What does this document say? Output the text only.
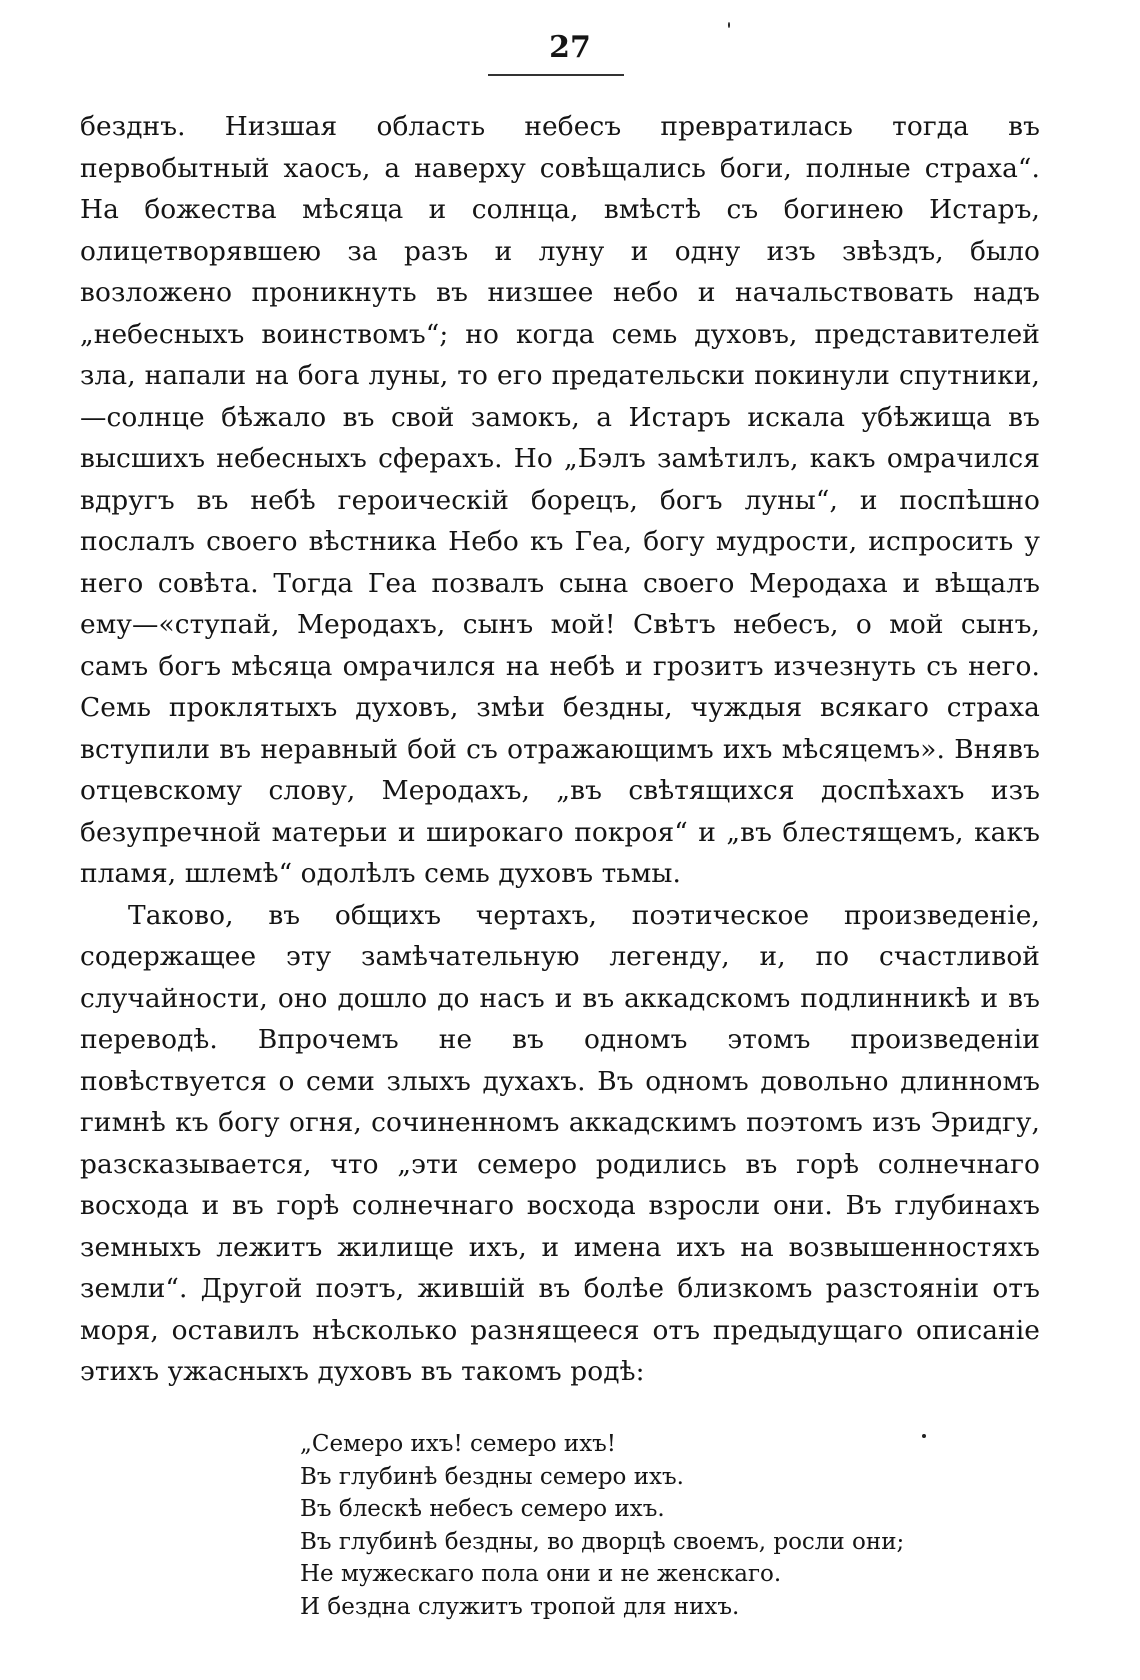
27

безднъ. Низшая область небесъ превратилась тогда въ первобытный хаосъ, а наверху совѣщались боги, полные страха“. На божества мѣсяца и солнца, вмѣстѣ съ богинею Истаръ, олицетворявшею за разъ и луну и одну изъ звѣздъ, было возложено проникнуть въ низшее небо и начальствовать надъ „небесныхъ воинствомъ“; но когда семь духовъ, представителей зла, напали на бога луны, то его предательски покинули спутники,—солнце бѣжало въ свой замокъ, а Истаръ искала убѣжища въ высшихъ небесныхъ сферахъ. Но „Бэлъ замѣтилъ, какъ омрачился вдругъ въ небѣ героическій борецъ, богъ луны“, и поспѣшно послалъ своего вѣстника Небо къ Геа, богу мудрости, испросить у него совѣта. Тогда Геа позвалъ сына своего Меродаха и вѣщалъ ему—«ступай, Меродахъ, сынъ мой! Свѣтъ небесъ, о мой сынъ, самъ богъ мѣсяца омрачился на небѣ и грозитъ изчезнуть съ него. Семь проклятыхъ духовъ, змѣи бездны, чуждыя всякаго страха вступили въ неравный бой съ отражающимъ ихъ мѣсяцемъ». Внявъ отцевскому слову, Меродахъ, „въ свѣтящихся доспѣхахъ изъ безупречной матерьи и широкаго покроя“ и „въ блестящемъ, какъ пламя, шлемѣ“ одолѣлъ семь духовъ тьмы.

Таково, въ общихъ чертахъ, поэтическое произведеніе, содержащее эту замѣчательную легенду, и, по счастливой случайности, оно дошло до насъ и въ аккадскомъ подлинникѣ и въ переводѣ. Впрочемъ не въ одномъ этомъ произведеніи повѣствуется о семи злыхъ духахъ. Въ одномъ довольно длинномъ гимнѣ къ богу огня, сочиненномъ аккадскимъ поэтомъ изъ Эридгу, разсказывается, что „эти семеро родились въ горѣ солнечнаго восхода и въ горѣ солнечнаго восхода взросли они. Въ глубинахъ земныхъ лежитъ жилище ихъ, и имена ихъ на возвышенностяхъ земли“. Другой поэтъ, жившій въ болѣе близкомъ разстояніи отъ моря, оставилъ нѣсколько разнящееся отъ предыдущаго описаніе этихъ ужасныхъ духовъ въ такомъ родѣ:

„Семеро ихъ! семеро ихъ!
Въ глубинѣ бездны семеро ихъ.
Въ блескѣ небесъ семеро ихъ.
Въ глубинѣ бездны, во дворцѣ своемъ, росли они;
Не мужескаго пола они и не женскаго.
И бездна служитъ тропой для нихъ.
